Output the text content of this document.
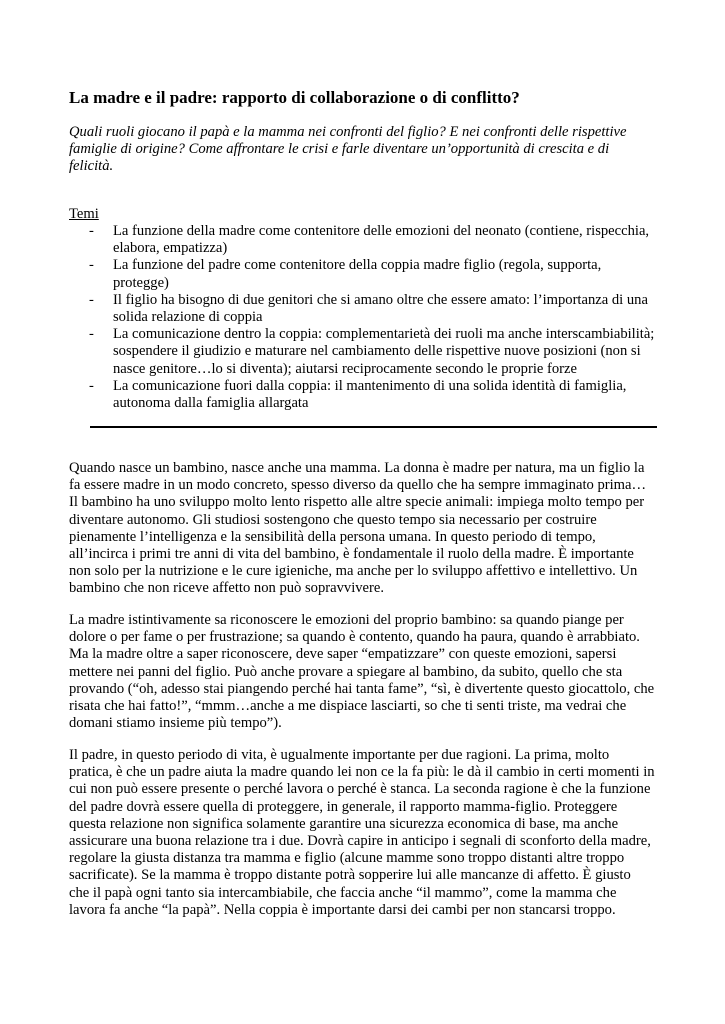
La madre e il padre: rapporto di collaborazione o di conflitto?
Quali ruoli giocano il papà e la mamma nei confronti del figlio? E nei confronti delle rispettive
famiglie di origine? Come affrontare le crisi e farle diventare un’opportunità di crescita e di
felicità.
Temi
- La funzione della madre come contenitore delle emozioni del neonato (contiene, rispecchia,
elabora, empatizza)
- La funzione del padre come contenitore della coppia madre figlio (regola, supporta,
protegge)
- Il figlio ha bisogno di due genitori che si amano oltre che essere amato: l’importanza di una
solida relazione di coppia
- La comunicazione dentro la coppia: complementarietà dei ruoli ma anche interscambiabilità;
sospendere il giudizio e maturare nel cambiamento delle rispettive nuove posizioni (non si
nasce genitore…lo si diventa); aiutarsi reciprocamente secondo le proprie forze
- La comunicazione fuori dalla coppia: il mantenimento di una solida identità di famiglia,
autonoma dalla famiglia allargata
Quando nasce un bambino, nasce anche una mamma. La donna è madre per natura, ma un figlio la
fa essere madre in un modo concreto, spesso diverso da quello che ha sempre immaginato prima…
Il bambino ha uno sviluppo molto lento rispetto alle altre specie animali: impiega molto tempo per
diventare autonomo. Gli studiosi sostengono che questo tempo sia necessario per costruire
pienamente l’intelligenza e la sensibilità della persona umana. In questo periodo di tempo,
all’incirca i primi tre anni di vita del bambino, è fondamentale il ruolo della madre. È importante
non solo per la nutrizione e le cure igieniche, ma anche per lo sviluppo affettivo e intellettivo. Un
bambino che non riceve affetto non può sopravvivere.
La madre istintivamente sa riconoscere le emozioni del proprio bambino: sa quando piange per
dolore o per fame o per frustrazione; sa quando è contento, quando ha paura, quando è arrabbiato.
Ma la madre oltre a saper riconoscere, deve saper “empatizzare” con queste emozioni, sapersi
mettere nei panni del figlio. Può anche provare a spiegare al bambino, da subito, quello che sta
provando (“oh, adesso stai piangendo perché hai tanta fame”, “sì, è divertente questo giocattolo, che
risata che hai fatto!”, “mmm…anche a me dispiace lasciarti, so che ti senti triste, ma vedrai che
domani stiamo insieme più tempo”).
Il padre, in questo periodo di vita, è ugualmente importante per due ragioni. La prima, molto
pratica, è che un padre aiuta la madre quando lei non ce la fa più: le dà il cambio in certi momenti in
cui non può essere presente o perché lavora o perché è stanca. La seconda ragione è che la funzione
del padre dovrà essere quella di proteggere, in generale, il rapporto mamma-figlio. Proteggere
questa relazione non significa solamente garantire una sicurezza economica di base, ma anche
assicurare una buona relazione tra i due. Dovrà capire in anticipo i segnali di sconforto della madre,
regolare la giusta distanza tra mamma e figlio (alcune mamme sono troppo distanti altre troppo
sacrificate). Se la mamma è troppo distante potrà sopperire lui alle mancanze di affetto. È giusto
che il papà ogni tanto sia intercambiabile, che faccia anche “il mammo”, come la mamma che
lavora fa anche “la papà”. Nella coppia è importante darsi dei cambi per non stancarsi troppo.
